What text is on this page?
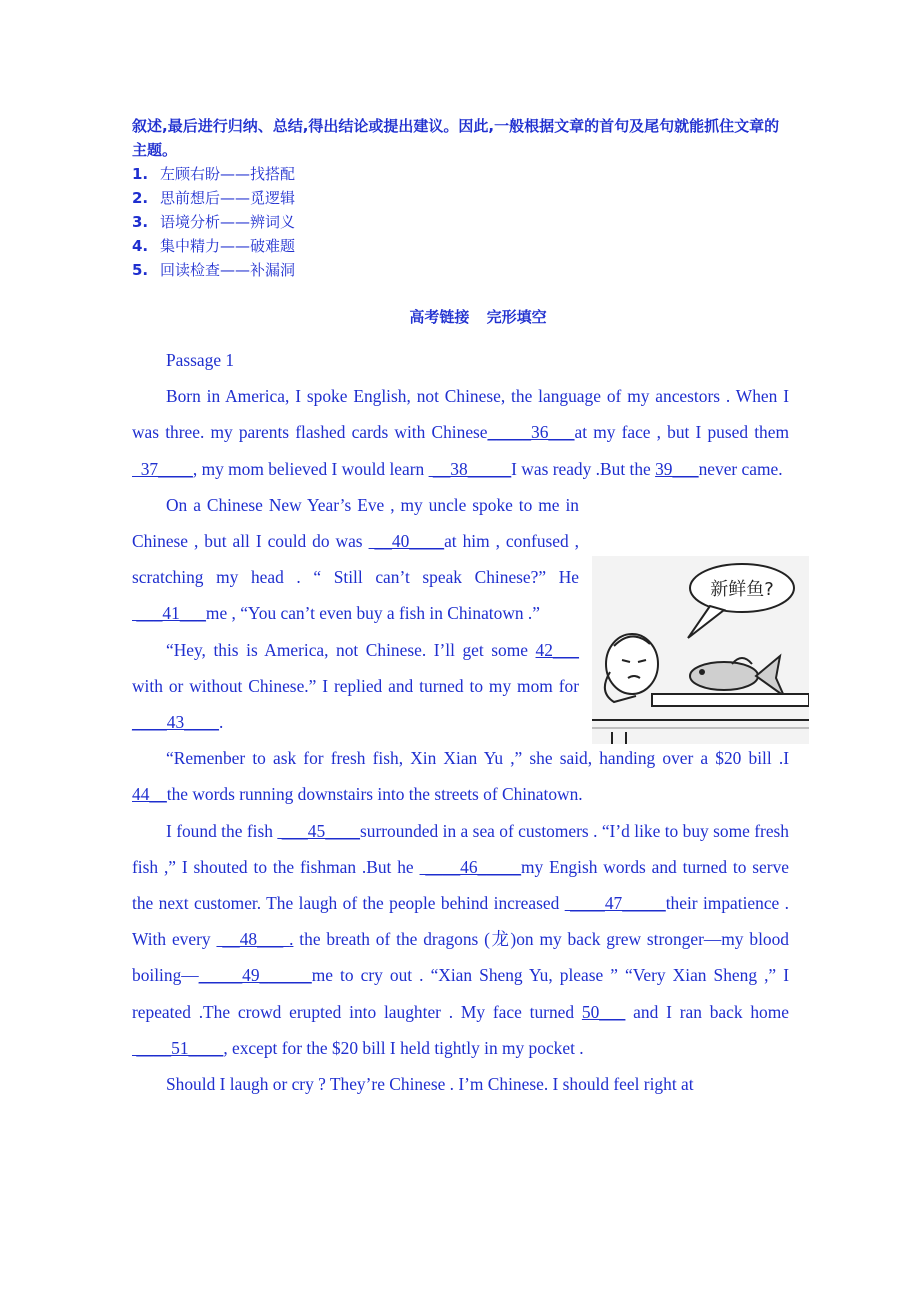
叙述,最后进行归纳、总结,得出结论或提出建议。因此,一般根据文章的首句及尾句就能抓住文章的主题。

1. 左顾右盼——找搭配
2. 思前想后——觅逻辑
3. 语境分析——辨词义
4. 集中精力——破难题
5. 回读检查——补漏洞
高考链接 完形填空

Passage 1

Born in America, I spoke English, not Chinese, the language of my ancestors . When I was three. my parents flashed cards with Chinese_____36___at my face , but I pused them   37____, my mom believed I would learn  __38_____I was ready .But the 39___never came.

On a Chinese New Year’s Eve , my uncle spoke to me in Chinese , but all I could do was  __40____at him , confused , scratching my head . “ Still can’t speak Chinese?” He  ___41___me , “You can’t even buy a fish in Chinatown .”

“Hey, this is America, not Chinese. I’ll get some 42___ with or without Chinese.” I replied and turned to my mom for ____43____.

“Remenber to ask for fresh fish, Xin Xian Yu ,” she said, handing over a $20 bill .I 44__the words running downstairs into the streets of Chinatown.

I found the fish  ___45____surrounded in a sea of customers . “I’d like to buy some fresh fish ,” I shouted to the fishman .But he  ____46_____my Engish words and turned to serve the next customer. The laugh of the people behind increased  ____47_____their impatience . With every  __48___ . the breath of the dragons (龙)on my back grew stronger—my blood boiling—_____49______me to cry out . “Xian Sheng Yu, please ” “Very Xian Sheng ,” I repeated .The crowd erupted into laughter . My face turned 50___ and I ran back home  ____51____, except for the $20 bill I held tightly in my pocket .

Should I laugh or cry ? They’re Chinese . I’m Chinese. I should feel right at

新鲜鱼?
